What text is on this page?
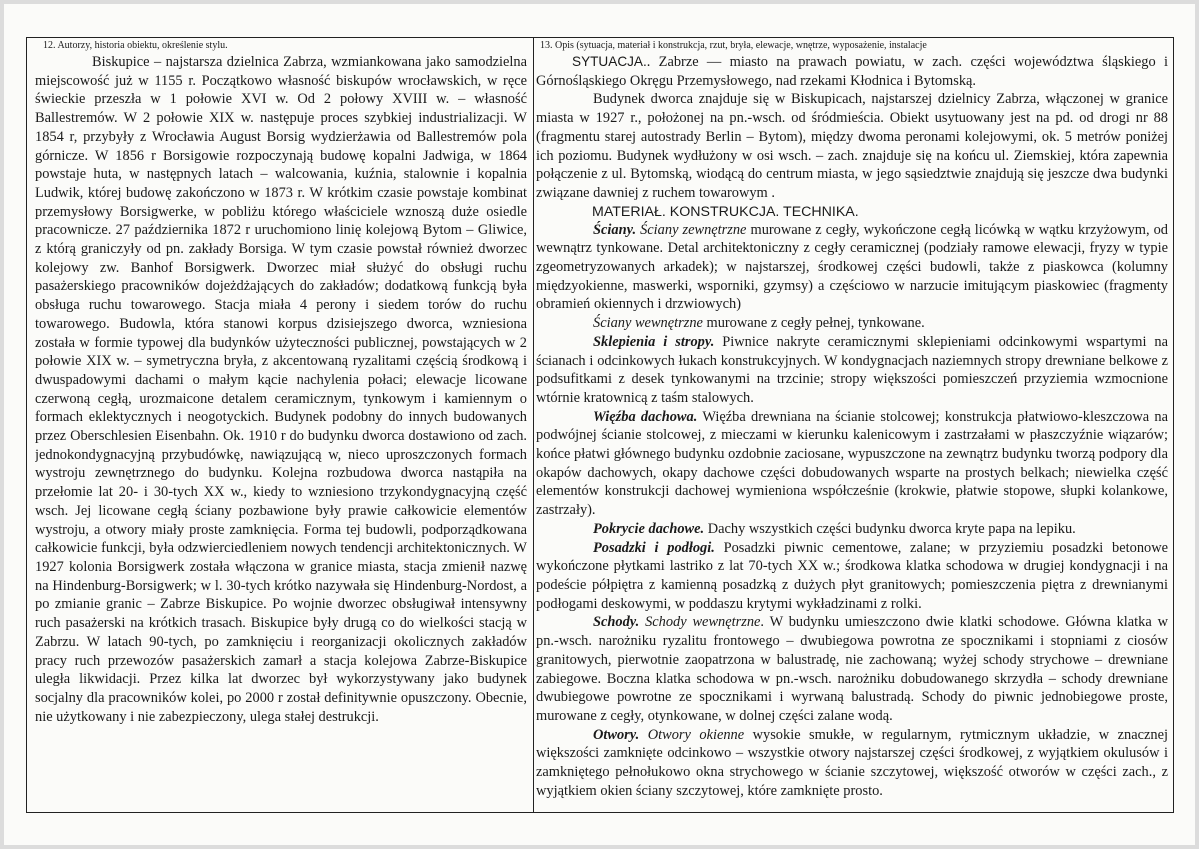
12. Autorzy, historia obiektu, określenie stylu.

Biskupice – najstarsza dzielnica Zabrza, wzmiankowana jako samodzielna miejscowość już w 1155 r. Początkowo własność biskupów wrocławskich, w ręce świeckie przeszła w 1 połowie XVI w. Od 2 połowy XVIII w. – własność Ballestremów. W 2 połowie XIX w. następuje proces szybkiej industrializacji. W 1854 r, przybyły z Wrocławia August Borsig wydzierżawia od Ballestremów pola górnicze. W 1856 r Borsigowie rozpoczynają budowę kopalni Jadwiga, w 1864 powstaje huta, w następnych latach – walcowania, kuźnia, stalownie i kopalnia Ludwik, której budowę zakończono w 1873 r. W krótkim czasie powstaje kombinat przemysłowy Borsigwerke, w pobliżu którego właściciele wznoszą duże osiedle pracownicze. 27 października 1872 r uruchomiono linię kolejową Bytom – Gliwice, z którą graniczyły od pn. zakłady Borsiga. W tym czasie powstał również dworzec kolejowy zw. Banhof Borsigwerk. Dworzec miał służyć do obsługi ruchu pasażerskiego pracowników dojeżdżających do zakładów; dodatkową funkcją była obsługa ruchu towarowego. Stacja miała 4 perony i siedem torów do ruchu towarowego. Budowla, która stanowi korpus dzisiejszego dworca, wzniesiona została w formie typowej dla budynków użyteczności publicznej, powstających w 2 połowie XIX w. – symetryczna bryła, z akcentowaną ryzalitami częścią środkową i dwuspadowymi dachami o małym kącie nachylenia połaci; elewacje licowane czerwoną cegłą, urozmaicone detalem ceramicznym, tynkowym i kamiennym o formach eklektycznych i neogotyckich. Budynek podobny do innych budowanych przez Oberschlesien Eisenbahn. Ok. 1910 r do budynku dworca dostawiono od zach. jednokondygnacyjną przybudówkę, nawiązującą w, nieco uproszczonych formach wystroju zewnętrznego do budynku. Kolejna rozbudowa dworca nastąpiła na przełomie lat 20- i 30-tych XX w., kiedy to wzniesiono trzykondygnacyjną część wsch. Jej licowane cegłą ściany pozbawione były prawie całkowicie elementów wystroju, a otwory miały proste zamknięcia. Forma tej budowli, podporządkowana całkowicie funkcji, była odzwierciedleniem nowych tendencji architektonicznych. W 1927 kolonia Borsigwerk została włączona w granice miasta, stacja zmienił nazwę na Hindenburg-Borsigwerk; w l. 30-tych krótko nazywała się Hindenburg-Nordost, a po zmianie granic – Zabrze Biskupice. Po wojnie dworzec obsługiwał intensywny ruch pasażerski na krótkich trasach. Biskupice były drugą co do wielkości stacją w Zabrzu. W latach 90-tych, po zamknięciu i reorganizacji okolicznych zakładów pracy ruch przewozów pasażerskich zamarł a stacja kolejowa Zabrze-Biskupice uległa likwidacji. Przez kilka lat dworzec był wykorzystywany jako budynek socjalny dla pracowników kolei, po 2000 r został definitywnie opuszczony. Obecnie, nie użytkowany i nie zabezpieczony, ulega stałej destrukcji.

13. Opis (sytuacja, materiał i konstrukcja, rzut, bryła, elewacje, wnętrze, wyposażenie, instalacje

SYTUACJA.. Zabrze — miasto na prawach powiatu, w zach. części województwa śląskiego i Górnośląskiego Okręgu Przemysłowego, nad rzekami Kłodnica i Bytomską.

Budynek dworca znajduje się w Biskupicach, najstarszej dzielnicy Zabrza, włączonej w granice miasta w 1927 r., położonej na pn.-wsch. od śródmieścia. Obiekt usytuowany jest na pd. od drogi nr 88 (fragmentu starej autostrady Berlin – Bytom), między dwoma peronami kolejowymi, ok. 5 metrów poniżej ich poziomu. Budynek wydłużony w osi wsch. – zach. znajduje się na końcu ul. Ziemskiej, która zapewnia połączenie z ul. Bytomską, wiodącą do centrum miasta, w jego sąsiedztwie znajdują się jeszcze dwa budynki związane dawniej z ruchem towarowym .

MATERIAŁ. KONSTRUKCJA. TECHNIKA.

Ściany. Ściany zewnętrzne murowane z cegły, wykończone cegłą licówką w wątku krzyżowym, od wewnątrz tynkowane. Detal architektoniczny z cegły ceramicznej (podziały ramowe elewacji, fryzy w typie zgeometryzowanych arkadek); w najstarszej, środkowej części budowli, także z piaskowca (kolumny międzyokienne, maswerki, wsporniki, gzymsy) a częściowo w narzucie imitującym piaskowiec (fragmenty obramień okiennych i drzwiowych)

Ściany wewnętrzne murowane z cegły pełnej, tynkowane.

Sklepienia i stropy. Piwnice nakryte ceramicznymi sklepieniami odcinkowymi wspartymi na ścianach i odcinkowych łukach konstrukcyjnych. W kondygnacjach naziemnych stropy drewniane belkowe z podsufitkami z desek tynkowanymi na trzcinie; stropy większości pomieszczeń przyziemia wzmocnione wtórnie kratownicą z taśm stalowych.

Więźba dachowa. Więźba drewniana na ścianie stolcowej; konstrukcja płatwiowo-kleszczowa na podwójnej ścianie stolcowej, z mieczami w kierunku kalenicowym i zastrzałami w płaszczyźnie wiązarów; końce płatwi głównego budynku ozdobnie zaciosane, wypuszczone na zewnątrz budynku tworzą podpory dla okapów dachowych, okapy dachowe części dobudowanych wsparte na prostych belkach; niewielka część elementów konstrukcji dachowej wymieniona współcześnie (krokwie, płatwie stopowe, słupki kolankowe, zastrzały).

Pokrycie dachowe. Dachy wszystkich części budynku dworca kryte papa na lepiku.

Posadzki i podłogi. Posadzki piwnic cementowe, zalane; w przyziemiu posadzki betonowe wykończone płytkami lastriko z lat 70-tych XX w.; środkowa klatka schodowa w drugiej kondygnacji i na podeście półpiętra z kamienną posadzką z dużych płyt granitowych; pomieszczenia piętra z drewnianymi podłogami deskowymi, w poddaszu krytymi wykładzinami z rolki.

Schody. Schody wewnętrzne. W budynku umieszczono dwie klatki schodowe. Główna klatka w pn.-wsch. narożniku ryzalitu frontowego – dwubiegowa powrotna ze spocznikami i stopniami z ciosów granitowych, pierwotnie zaopatrzona w balustradę, nie zachowaną; wyżej schody strychowe – drewniane zabiegowe. Boczna klatka schodowa w pn.-wsch. narożniku dobudowanego skrzydła – schody drewniane dwubiegowe powrotne ze spocznikami i wyrwaną balustradą. Schody do piwnic jednobiegowe proste, murowane z cegły, otynkowane, w dolnej części zalane wodą.

Otwory. Otwory okienne wysokie smukłe, w regularnym, rytmicznym układzie, w znacznej większości zamknięte odcinkowo – wszystkie otwory najstarszej części środkowej, z wyjątkiem okulusów i zamkniętego pełnołukowo okna strychowego w ścianie szczytowej, większość otworów w części zach., z wyjątkiem okien ściany szczytowej, które zamknięte prosto.
